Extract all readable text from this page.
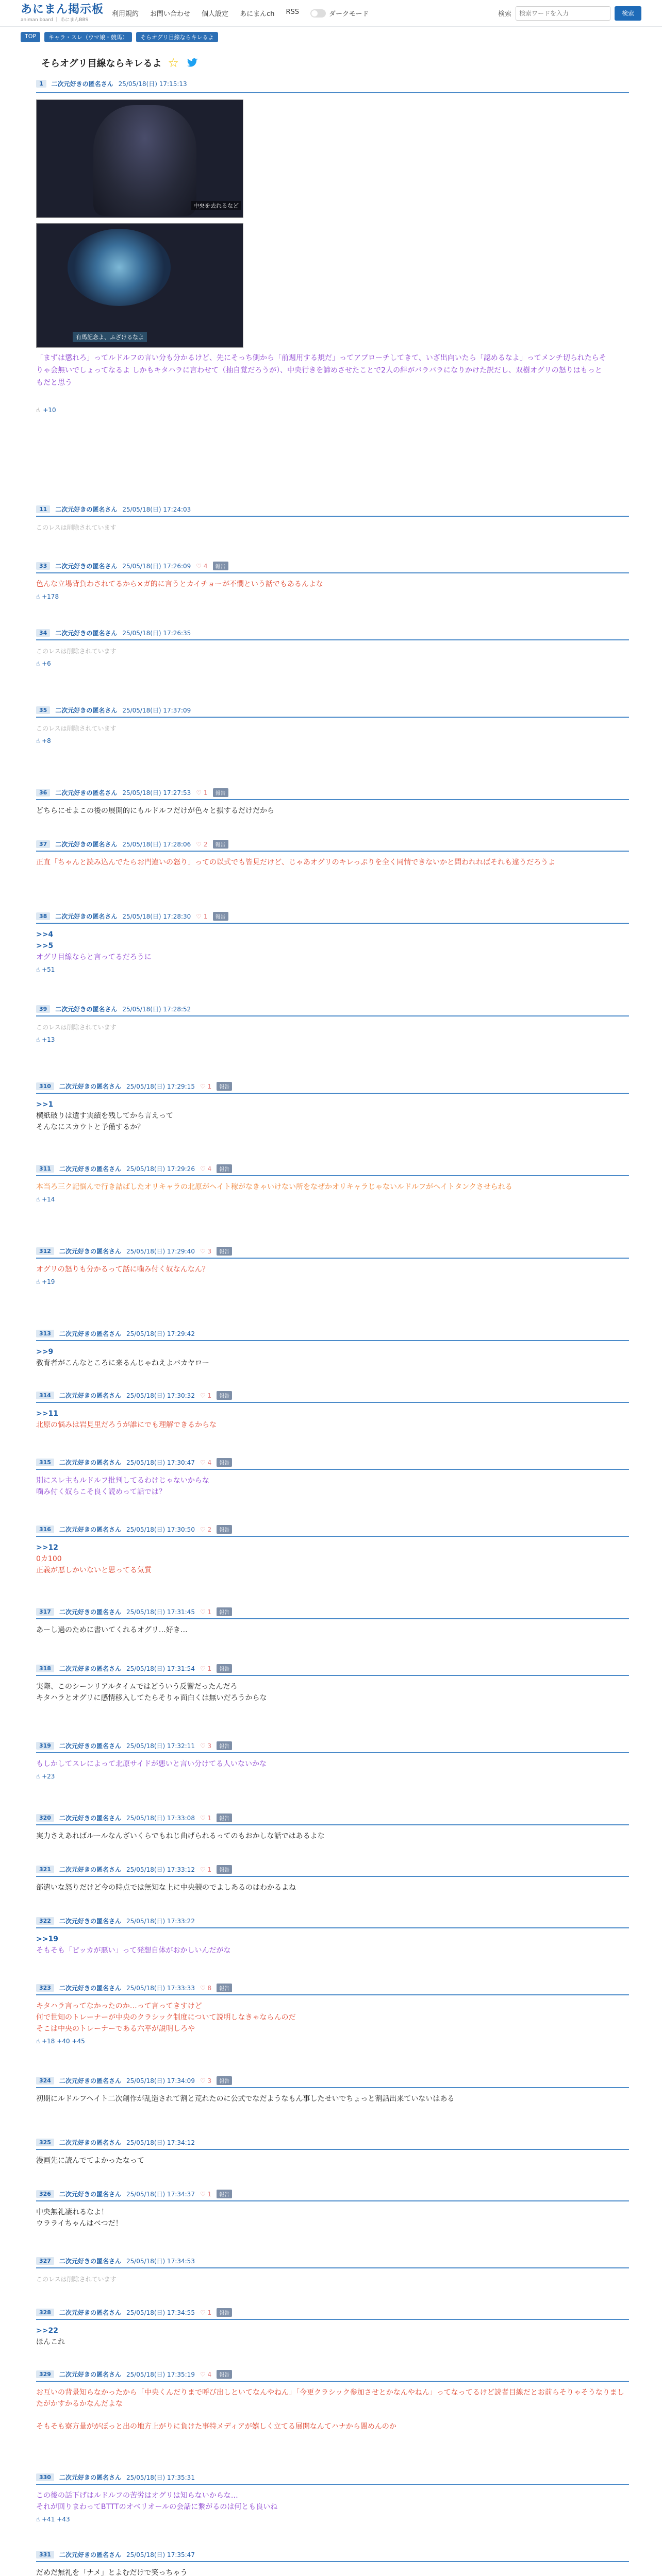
あにまん掲示板
animan board ｜ あにまんBBS
利用規約 お問い合わせ 個人設定 あにまんch RSS	ダークモード	検索
検索ワードを入力	検索
TOP	キャラ・スレ（ウマ娘・競馬）	そらオグリ目線ならキレるよ
そらオグリ目線ならキレるよ ☆
1	二次元好きの匿名さん 25/05/18(日) 17:15:13
中央を去れるなど
有馬記念よ、ふざけるなよ
「まずは懲れろ」ってルドルフの言い分も分かるけど、先にそっち側から「前週用する規だ」ってアプローチしてきて、いざ出向いたら「認めるなよ」ってメンチ切られたらそりゃ会無いでしょってなるよ しかもキタハラに言わせて（抽自覚だろうが）、中央行きを諦めさせたことで2人の絆がバラバラになりかけた訳だし、双樹オグリの怒りはもっともだと思う
☝ +10
11	二次元好きの匿名さん 25/05/18(日) 17:24:03
このレスは削除されています
33	二次元好きの匿名さん 25/05/18(日) 17:26:09 ♡ 4	報告
色んな立場背負わされてるから×ガ的に言うとカイチョーが不憫という話でもあるんよな
☝ +178
34	二次元好きの匿名さん 25/05/18(日) 17:26:35
このレスは削除されています
☝ +6
35	二次元好きの匿名さん 25/05/18(日) 17:37:09
このレスは削除されています
☝ +8
36	二次元好きの匿名さん 25/05/18(日) 17:27:53 ♡ 1	報告
どちらにせよこの後の展開的にもルドルフだけが色々と損するだけだから
37	二次元好きの匿名さん 25/05/18(日) 17:28:06 ♡ 2	報告
正直「ちゃんと読み込んでたらお門違いの怒り」っての以式でも皆見だけど、じゃあオグリのキレっぷりを全く同情できないかと問われればそれも違うだろうよ
38	二次元好きの匿名さん 25/05/18(日) 17:28:30 ♡ 1	報告
>>4
>>5
オグリ目線ならと言ってるだろうに
☝ +51
39	二次元好きの匿名さん 25/05/18(日) 17:28:52
このレスは削除されています
☝ +13
310	二次元好きの匿名さん 25/05/18(日) 17:29:15 ♡ 1	報告
>>1
横紙破りは遺す実績を残してから言えって
そんなにスカウトと予備するか？
311	二次元好きの匿名さん 25/05/18(日) 17:29:26 ♡ 4	報告
本当ろ三ク記悩んで行き詰ばしたオリキャラの北原がヘイト稼がなきゃいけない所をなぜかオリキャラじゃないルドルフがヘイトタンクさせられる
☝ +14
312	二次元好きの匿名さん 25/05/18(日) 17:29:40 ♡ 3	報告
オグリの怒りも分かるって話に噛み付く奴なんなん？
☝ +19
313	二次元好きの匿名さん 25/05/18(日) 17:29:42
>>9
教育者がこんなところに来るんじゃねえよバカヤロー
314	二次元好きの匿名さん 25/05/18(日) 17:30:32 ♡ 1	報告
>>11
北原の悩みは岩見里だろうが誰にでも理解できるからな
315	二次元好きの匿名さん 25/05/18(日) 17:30:47 ♡ 4	報告
別にスレ主もルドルフ批判してるわけじゃないからな
噛み付く奴らこそ良く読めって話では？
316	二次元好きの匿名さん 25/05/18(日) 17:30:50 ♡ 2	報告
>>12
0カ100
正義が悪しかいないと思ってる気質
317	二次元好きの匿名さん 25/05/18(日) 17:31:45 ♡ 1	報告
あーし過のために書いてくれるオグリ…好き…
318	二次元好きの匿名さん 25/05/18(日) 17:31:54 ♡ 1	報告
実際、このシーンリアルタイムではどういう反響だったんだろ
キタハラとオグリに感情移入してたらそりゃ面白くは無いだろうからな
319	二次元好きの匿名さん 25/05/18(日) 17:32:11 ♡ 3	報告
もしかしてスレによって北原サイドが悪いと言い分けてる人いないかな
☝ +23
320	二次元好きの匿名さん 25/05/18(日) 17:33:08 ♡ 1	報告
実力さえあればルールなんざいくらでもねじ曲げられるってのもおかしな話ではあるよな
321	二次元好きの匿名さん 25/05/18(日) 17:33:12 ♡ 1	報告
部遣いな怒りだけど今の時点では無知な上に中央競のでよしあるのはわかるよね
322	二次元好きの匿名さん 25/05/18(日) 17:33:22
>>19
そもそも「ピッカが悪い」って発想自体がおかしいんだがな
323	二次元好きの匿名さん 25/05/18(日) 17:33:33 ♡ 8	報告
キタハラ言ってなかったのか…って言ってきすけど
何で世知のトレーナーが中央のクラシック制度について説明しなきゃならんのだ
そこは中央のトレーナーである六平が説明しろや
☝ +18 +40 +45
324	二次元好きの匿名さん 25/05/18(日) 17:34:09 ♡ 3	報告
初期にルドルフヘイト二次創作が乱造されて割と荒れたのに公式でなだようなもん事したせいでちょっと割話出来ていないはある
325	二次元好きの匿名さん 25/05/18(日) 17:34:12
漫画先に読んでてよかったなって
326	二次元好きの匿名さん 25/05/18(日) 17:34:37 ♡ 1	報告
中央無礼凄れるなよ！
ウラライちゃんはベつだ！
327	二次元好きの匿名さん 25/05/18(日) 17:34:53
このレスは削除されています
328	二次元好きの匿名さん 25/05/18(日) 17:34:55 ♡ 1	報告
>>22
ほんこれ
329	二次元好きの匿名さん 25/05/18(日) 17:35:19 ♡ 4	報告
お互いの背景知らなかったから「中央くんだりまで呼び出しといてなんやねん」「今更クラシック参加させとかなんやねん」ってなってるけど読者目線だとお前らそりゃそうなりましたがかすかるかなんだよな

そもそも寮方量ががぼっと出の地方上がりに負けた事特メディアが嬉しく立てる展開なんてハナから闇めんのか
330	二次元好きの匿名さん 25/05/18(日) 17:35:31
この後の話下げはルドルフの苦労はオグリは知らないからな…
それが回りまわってBTTTのオベリオールの会話に繋がるのは何とも良いね
☝ +41 +43
331	二次元好きの匿名さん 25/05/18(日) 17:35:47
だめだ無礼を「ナメ」とよむだけで笑っちゃう
